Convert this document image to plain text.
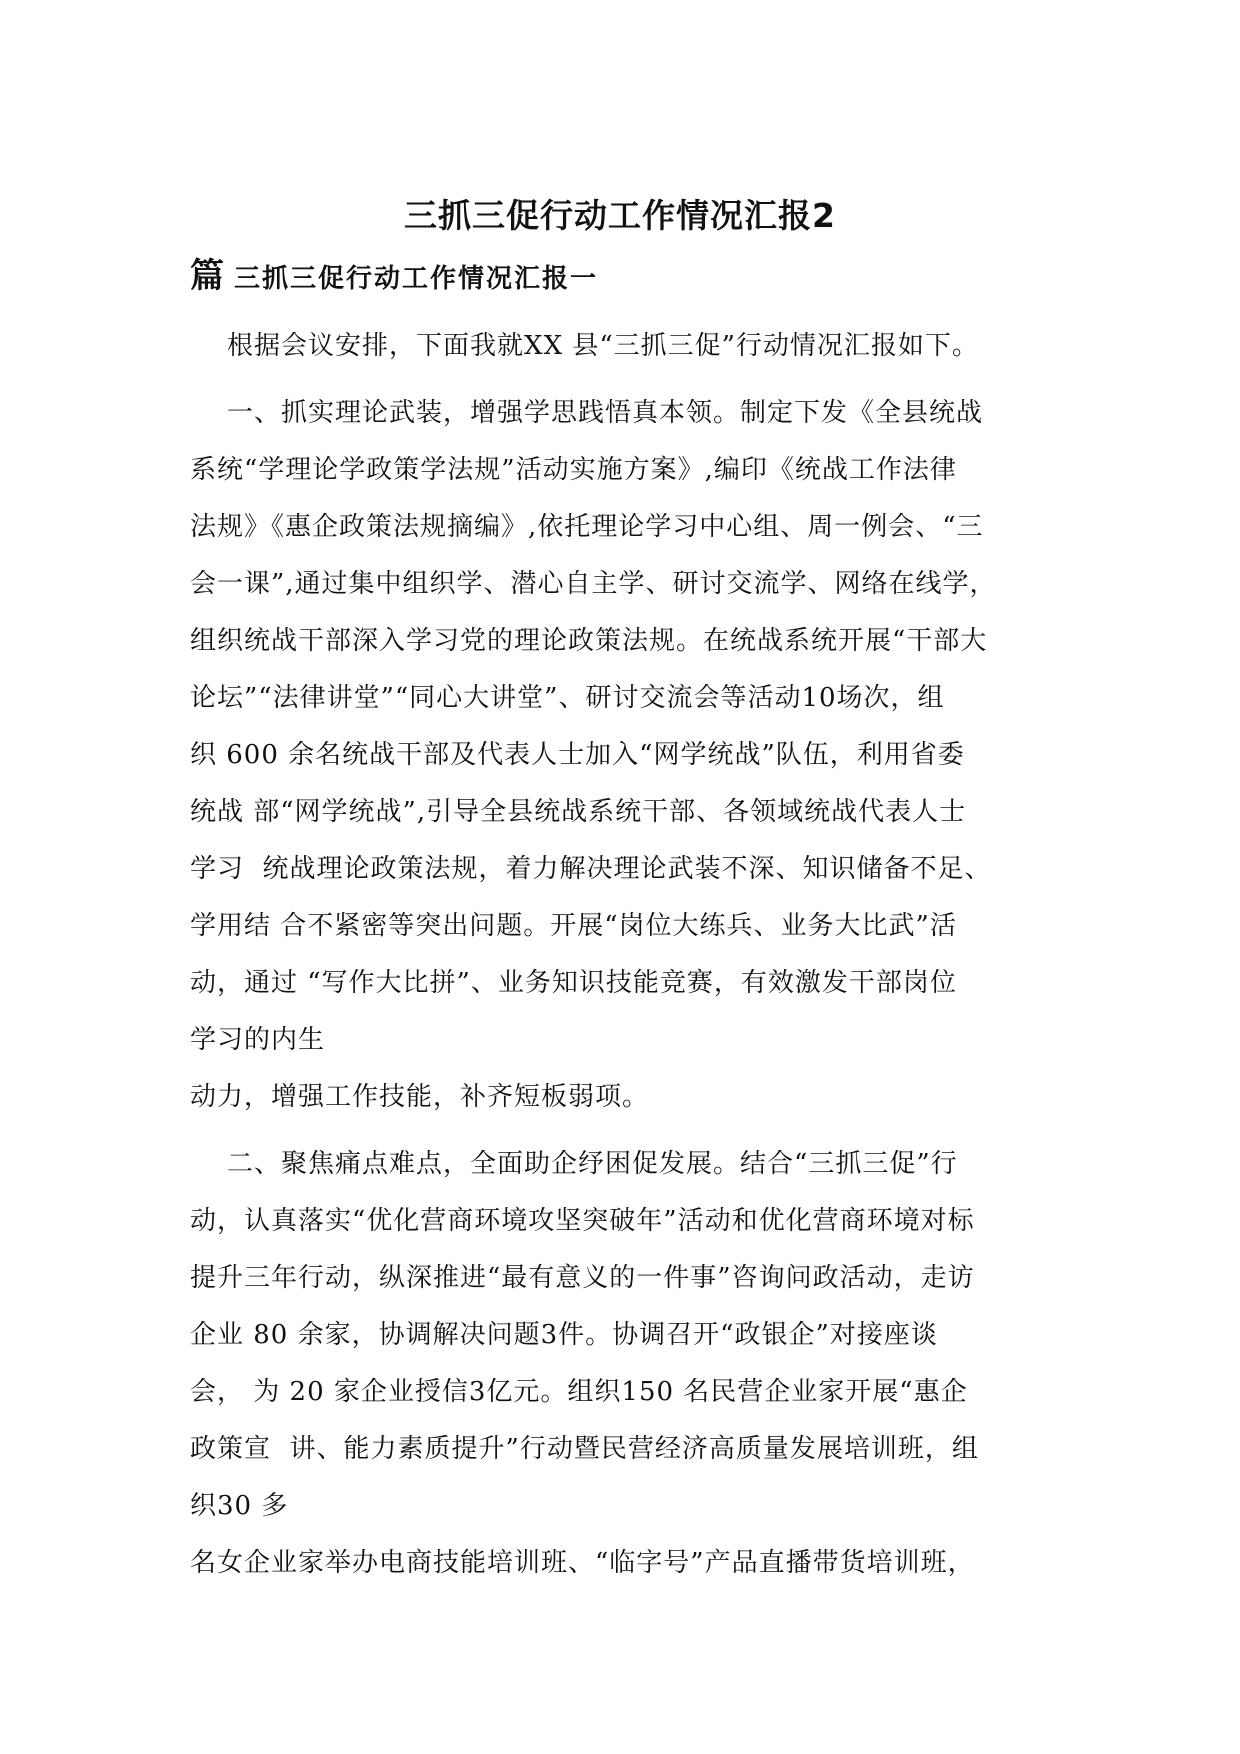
三抓三促行动工作情况汇报2
篇 三抓三促行动工作情况汇报一
根据会议安排，下面我就XX 县“三抓三促”行动情况汇报如下。
一、抓实理论武装，增强学思践悟真本领。制定下发《全县统战
系统“学理论学政策学法规”活动实施方案》,编印《统战工作法律
法规》《惠企政策法规摘编》,依托理论学习中心组、周一例会、“三
会一课”,通过集中组织学、潜心自主学、研讨交流学、网络在线学，
组织统战干部深入学习党的理论政策法规。在统战系统开展“干部大
论坛”“法律讲堂”“同心大讲堂”、研讨交流会等活动10场次，组
织 600 余名统战干部及代表人士加入“网学统战”队伍，利用省委
统战 部“网学统战”,引导全县统战系统干部、各领域统战代表人士
学习  统战理论政策法规，着力解决理论武装不深、知识储备不足、
学用结 合不紧密等突出问题。开展“岗位大练兵、业务大比武”活
动，通过 “写作大比拼”、业务知识技能竞赛，有效激发干部岗位
学习的内生
动力，增强工作技能，补齐短板弱项。
二、聚焦痛点难点，全面助企纾困促发展。结合“三抓三促”行
动，认真落实“优化营商环境攻坚突破年”活动和优化营商环境对标
提升三年行动，纵深推进“最有意义的一件事”咨询问政活动，走访
企业 80 余家，协调解决问题3件。协调召开“政银企”对接座谈
会， 为 20 家企业授信3亿元。组织150 名民营企业家开展“惠企
政策宣  讲、能力素质提升”行动暨民营经济高质量发展培训班，组
织30 多
名女企业家举办电商技能培训班、“临字号”产品直播带货培训班，
